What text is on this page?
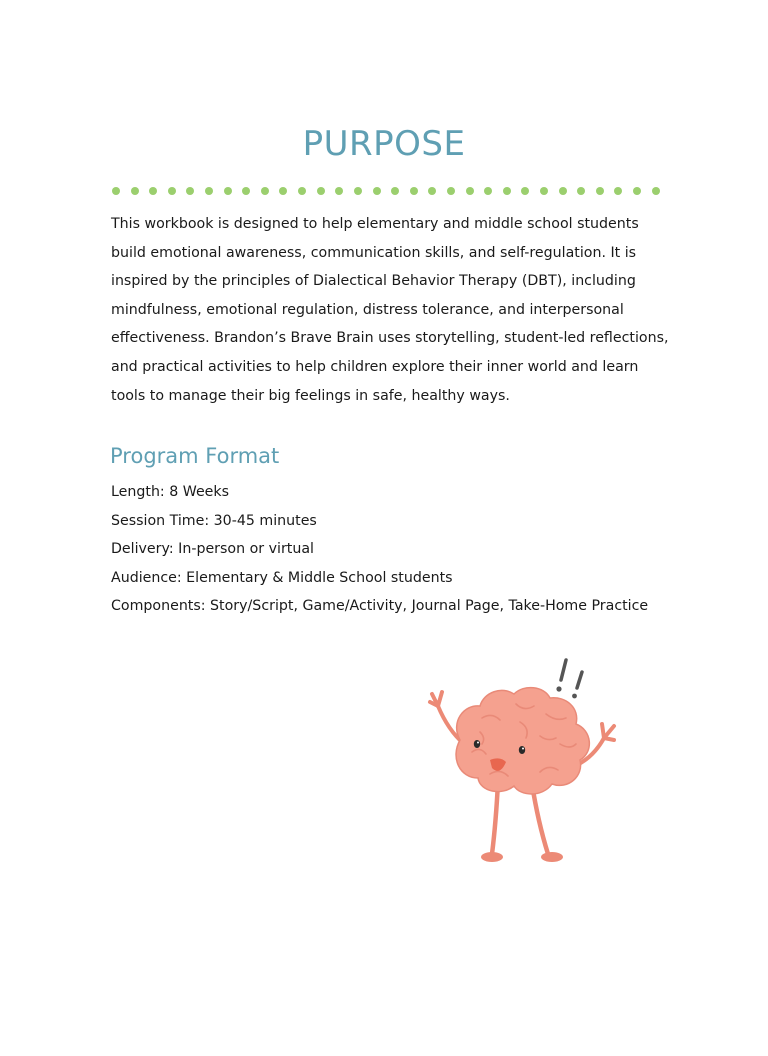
PURPOSE

This workbook is designed to help elementary and middle school students build emotional awareness, communication skills, and self-regulation. It is inspired by the principles of Dialectical Behavior Therapy (DBT), including mindfulness, emotional regulation, distress tolerance, and interpersonal effectiveness. Brandon’s Brave Brain uses storytelling, student-led reflections, and practical activities to help children explore their inner world and learn tools to manage their big feelings in safe, healthy ways.

Program Format
Length: 8 Weeks
Session Time: 30-45 minutes
Delivery: In-person or virtual
Audience: Elementary & Middle School students
Components: Story/Script, Game/Activity, Journal Page, Take-Home Practice
